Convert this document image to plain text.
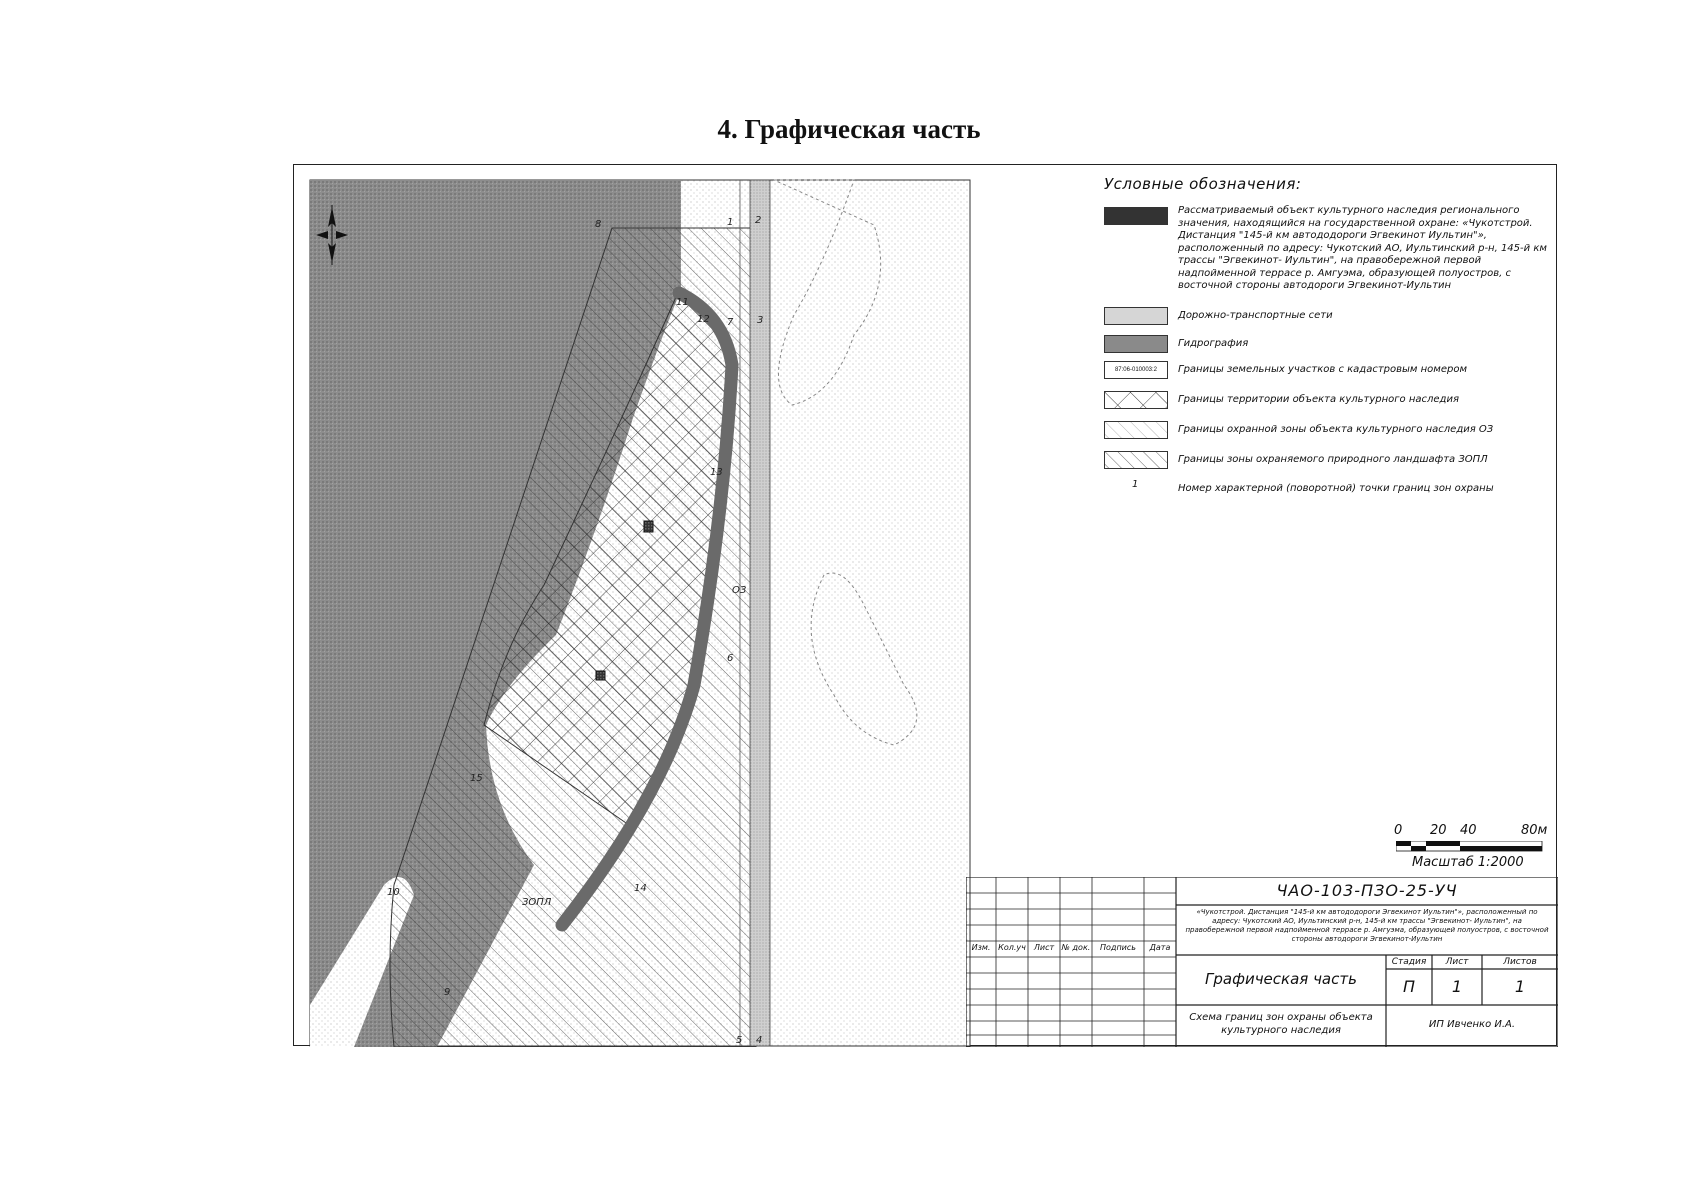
4. Графическая часть
1 2
3
4
5
6
7
8
9
10
11
12
13
14
15
ОЗ
ЗОПЛ
Условные обозначения:
Рассматриваемый объект культурного наследия регионального значения, находящийся на государственной охране: «Чукотстрой. Дистанция "145-й км автододороги Эгвекинот Иультин"», расположенный по адресу: Чукотский АО, Иультинский р-н, 145-й км трассы "Эгвекинот- Иультин", на правобережной первой надпойменной террасе р. Амгуэма, образующей полуостров, с восточной стороны автодороги Эгвекинот-Иультин
Дорожно-транспортные сети
Гидрография
87:06-010003:2	Границы земельных участков с кадастровым номером
Границы территории объекта культурного наследия
Границы охранной зоны объекта культурного наследия ОЗ
Границы зоны охраняемого природного ландшафта ЗОПЛ
1	Номер характерной (поворотной) точки границ зон охраны
0 20 40	80м
Масштаб 1:2000
Изм. Кол.уч	Лист № док.	Подпись	Дата
ЧАО-103-ПЗО-25-УЧ
«Чукотстрой. Дистанция "145-й км автододороги Эгвекинот Иультин"», расположенный по адресу: Чукотский АО, Иультинский р-н, 145-й км трассы "Эгвекинот- Иультин", на правобережной первой надпойменной террасе р. Амгуэма, образующей полуостров, с восточной стороны автодороги Эгвекинот-Иультин
Графическая часть
Стадия	Лист	Листов
П	1	1
Схема границ зон охраны объекта культурного наследия
ИП Ивченко И.А.
